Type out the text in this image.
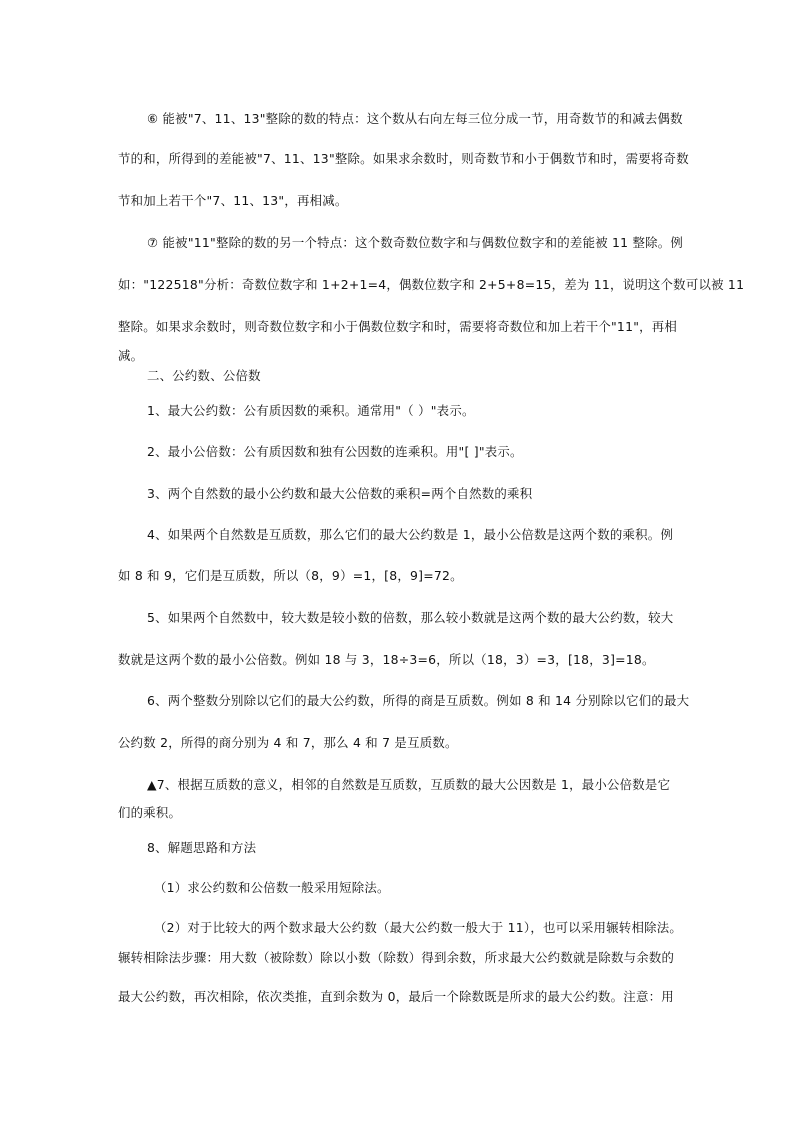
⑥ 能被"7、11、13"整除的数的特点：这个数从右向左每三位分成一节，用奇数节的和减去偶数
节的和，所得到的差能被"7、11、13"整除。如果求余数时，则奇数节和小于偶数节和时，需要将奇数
节和加上若干个"7、11、13"，再相减。
⑦ 能被"11"整除的数的另一个特点：这个数奇数位数字和与偶数位数字和的差能被 11 整除。例
如："122518"分析：奇数位数字和 1+2+1=4，偶数位数字和 2+5+8=15，差为 11，说明这个数可以被 11
整除。如果求余数时，则奇数位数字和小于偶数位数字和时，需要将奇数位和加上若干个"11"，再相
减。
二、公约数、公倍数
1、最大公约数：公有质因数的乘积。通常用"（ ）"表示。
2、最小公倍数：公有质因数和独有公因数的连乘积。用"[ ]"表示。
3、两个自然数的最小公约数和最大公倍数的乘积=两个自然数的乘积
4、如果两个自然数是互质数，那么它们的最大公约数是 1，最小公倍数是这两个数的乘积。例
如 8 和 9，它们是互质数，所以（8，9）=1，[8，9]=72。
5、如果两个自然数中，较大数是较小数的倍数，那么较小数就是这两个数的最大公约数，较大
数就是这两个数的最小公倍数。例如 18 与 3，18÷3=6，所以（18，3）=3，[18，3]=18。
6、两个整数分别除以它们的最大公约数，所得的商是互质数。例如 8 和 14 分别除以它们的最大
公约数 2，所得的商分别为 4 和 7，那么 4 和 7 是互质数。
▲7、根据互质数的意义，相邻的自然数是互质数，互质数的最大公因数是 1，最小公倍数是它
们的乘积。
8、解题思路和方法
（1）求公约数和公倍数一般采用短除法。
（2）对于比较大的两个数求最大公约数（最大公约数一般大于 11），也可以采用辗转相除法。
辗转相除法步骤：用大数（被除数）除以小数（除数）得到余数，所求最大公约数就是除数与余数的
最大公约数，再次相除，依次类推，直到余数为 0，最后一个除数既是所求的最大公约数。注意：用
